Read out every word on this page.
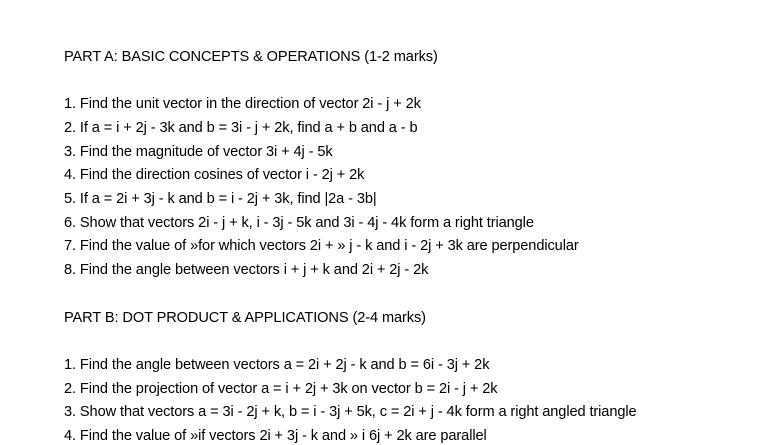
PART A: BASIC CONCEPTS & OPERATIONS (1-2 marks)

1. Find the unit vector in the direction of vector 2i - j + 2k

2. If a = i + 2j - 3k and b = 3i - j + 2k, find a + b and a - b

3. Find the magnitude of vector 3i + 4j - 5k

4. Find the direction cosines of vector i - 2j + 2k

5. If a = 2i + 3j - k and b = i - 2j + 3k, find |2a - 3b|

6. Show that vectors 2i - j + k, i - 3j - 5k and 3i - 4j - 4k form a right triangle

7. Find the value of »for which vectors 2i + » j - k and i - 2j + 3k are perpendicular

8. Find the angle between vectors i + j + k and 2i + 2j - 2k

PART B: DOT PRODUCT & APPLICATIONS (2-4 marks)

1. Find the angle between vectors a = 2i + 2j - k and b = 6i - 3j + 2k

2. Find the projection of vector a = i + 2j + 3k on vector b = 2i - j + 2k

3. Show that vectors a = 3i - 2j + k, b = i - 3j + 5k, c = 2i + j - 4k form a right angled triangle

4. Find the value of »if vectors 2i + 3j - k and » i 6j + 2k are parallel
